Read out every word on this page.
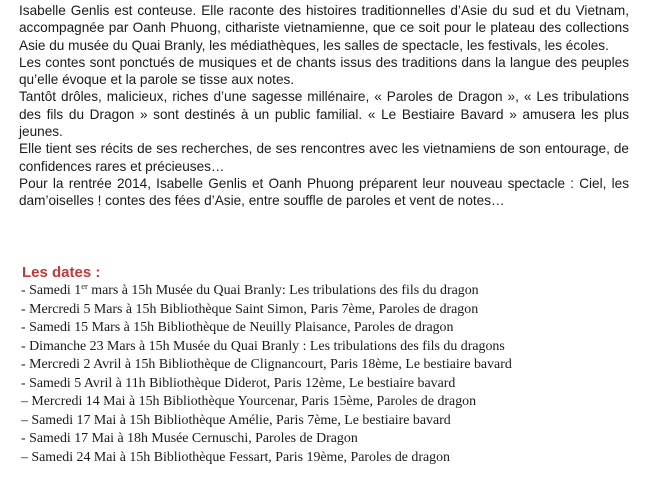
Isabelle Genlis est conteuse. Elle raconte des histoires traditionnelles d’Asie du sud et du Vietnam, accompagnée par Oanh Phuong, cithariste vietnamienne, que ce soit pour le plateau des collections Asie du musée du Quai Branly, les médiathèques, les salles de spectacle, les festivals, les écoles.

Les contes sont ponctués de musiques et de chants issus des traditions dans la langue des peuples qu’elle évoque et la parole se tisse aux notes.

Tantôt drôles, malicieux, riches d’une sagesse millénaire, « Paroles de Dragon », « Les tribulations des fils du Dragon » sont destinés à un public familial. « Le Bestiaire Bavard » amusera les plus jeunes.

Elle tient ses récits de ses recherches, de ses rencontres avec les vietnamiens de son entourage, de confidences rares et précieuses…

Pour la rentrée 2014, Isabelle Genlis et Oanh Phuong préparent leur nouveau spectacle : Ciel, les dam’oiselles ! contes des fées d’Asie, entre souffle de paroles et vent de notes…

Les dates :
- Samedi 1er mars à 15h Musée du Quai Branly: Les tribulations des fils du dragon
- Mercredi 5 Mars à 15h Bibliothèque Saint Simon, Paris 7ème, Paroles de dragon
- Samedi 15 Mars à 15h Bibliothèque de Neuilly Plaisance, Paroles de dragon
- Dimanche 23 Mars à 15h Musée du Quai Branly : Les tribulations des fils du dragons
- Mercredi 2 Avril à 15h Bibliothèque de Clignancourt, Paris 18ème, Le bestiaire bavard
- Samedi 5 Avril à 11h Bibliothèque Diderot, Paris 12ème, Le bestiaire bavard
– Mercredi 14 Mai à 15h Bibliothèque Yourcenar, Paris 15ème, Paroles de dragon
– Samedi 17 Mai à 15h Bibliothèque Amélie, Paris 7ème, Le bestiaire bavard
- Samedi 17 Mai à 18h Musée Cernuschi, Paroles de Dragon
– Samedi 24 Mai à 15h Bibliothèque Fessart, Paris 19ème, Paroles de dragon
